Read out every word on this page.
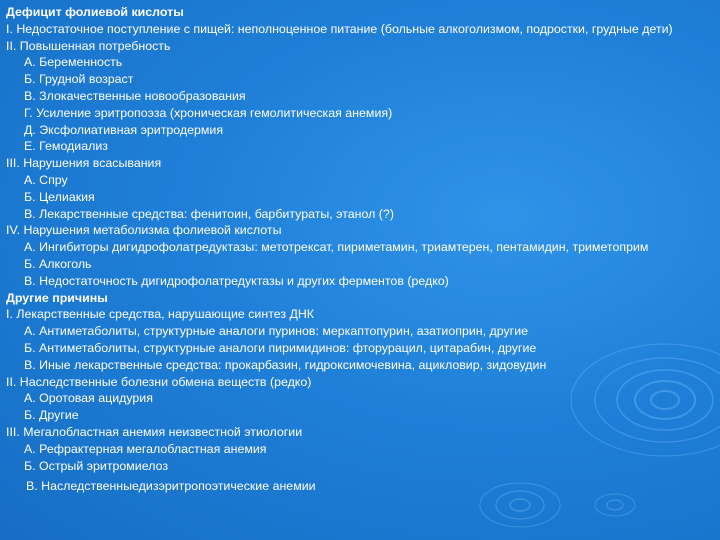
Дефицит фолиевой кислоты
I. Недостаточное поступление с пищей: неполноценное питание (больные алкоголизмом, подростки, грудные дети)
II. Повышенная потребность
А. Беременность
Б. Грудной возраст
В. Злокачественные новообразования
Г. Усиление эритропоэза (хроническая гемолитическая анемия)
Д. Эксфолиативная эритродермия
Е. Гемодиализ
III. Нарушения всасывания
А. Спру
Б. Целиакия
В. Лекарственные средства: фенитоин, барбитураты, этанол (?)
IV. Нарушения метаболизма фолиевой кислоты
А. Ингибиторы дигидрофолатредуктазы: метотрексат, пириметамин, триамтерен, пентамидин, триметоприм
Б. Алкоголь
В. Недостаточность дигидрофолатредуктазы и других ферментов (редко)
Другие причины
I. Лекарственные средства, нарушающие синтез ДНК
А. Антиметаболиты, структурные аналоги пуринов: меркаптопурин, азатиоприн, другие
Б. Антиметаболиты, структурные аналоги пиримидинов: фторурацил, цитарабин, другие
В. Иные лекарственные средства: прокарбазин, гидроксимочевина, ацикловир, зидовудин
II. Наследственные болезни обмена веществ (редко)
А. Оротовая ацидурия
Б. Другие
III. Мегалобластная анемия неизвестной этиологии
А. Рефрактерная мегалобластная анемия
Б. Острый эритромиелоз
В. Наследственныедизэритропоэтические анемии
